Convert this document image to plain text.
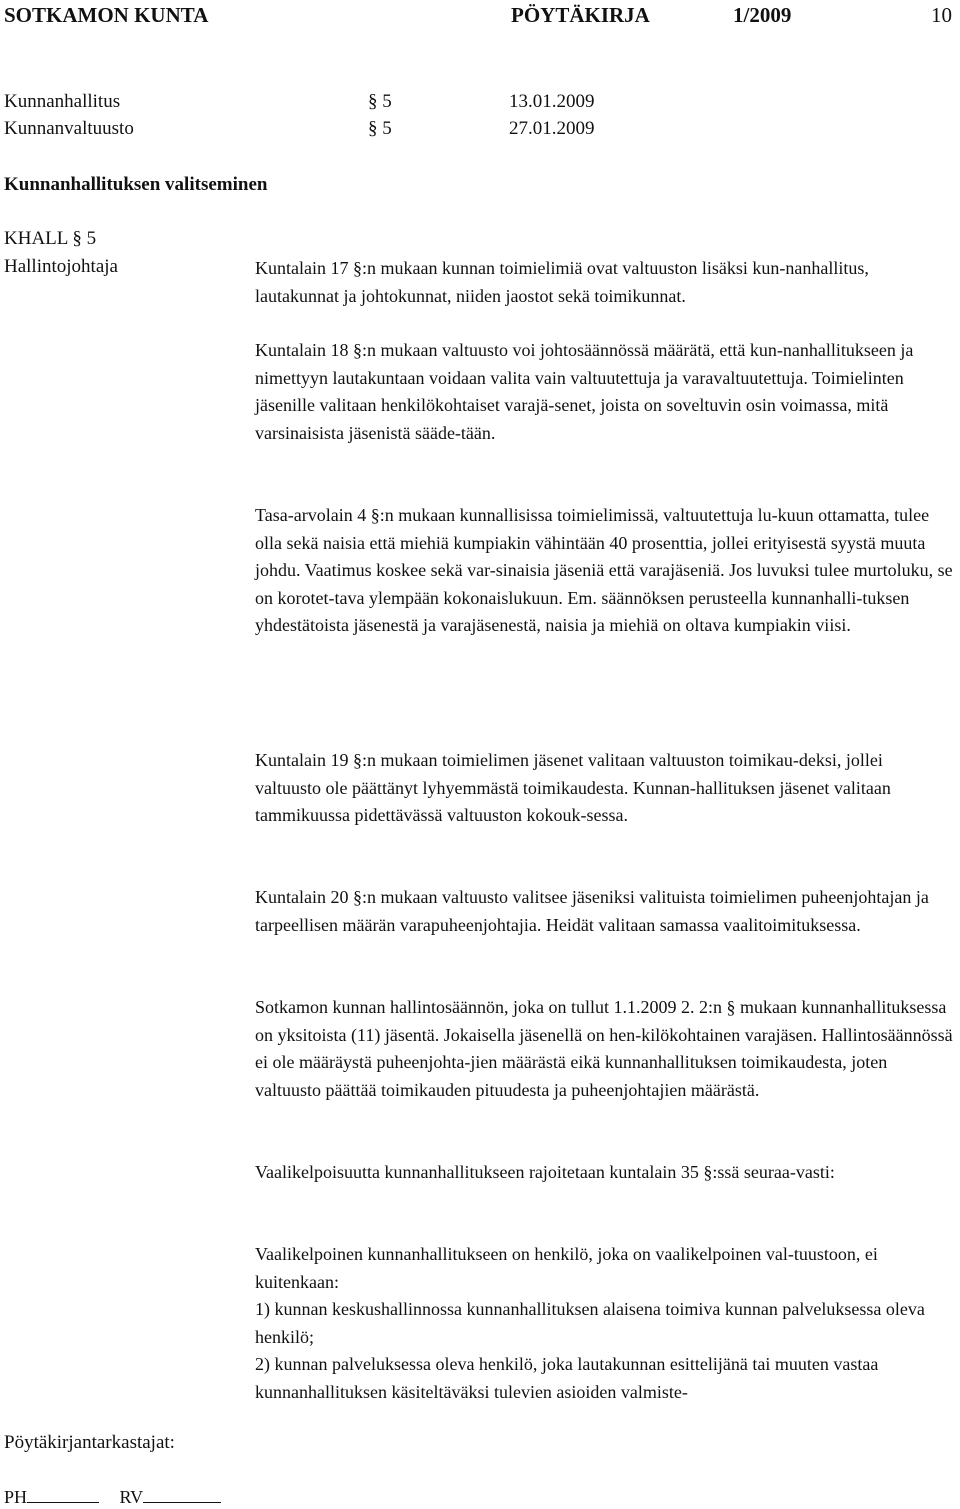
SOTKAMON KUNTA	PÖYTÄKIRJA	1/2009	10
Kunnanhallitus	§ 5	13.01.2009
Kunnanvaltuusto	§ 5	27.01.2009
Kunnanhallituksen valitseminen
KHALL § 5
Hallintojohtaja	Kuntalain 17 §:n mukaan kunnan toimielimiä ovat valtuuston lisäksi kun-nanhallitus, lautakunnat ja johtokunnat, niiden jaostot sekä toimikunnat.

Kuntalain 18 §:n mukaan valtuusto voi johtosäännössä määrätä, että kun-nanhallitukseen ja nimettyyn lautakuntaan voidaan valita vain valtuutettuja ja varavaltuutettuja. Toimielinten jäsenille valitaan henkilökohtaiset varajä-senet, joista on soveltuvin osin voimassa, mitä varsinaisista jäsenistä sääde-tään.

Tasa-arvolain 4 §:n mukaan kunnallisissa toimielimissä, valtuutettuja lu-kuun ottamatta, tulee olla sekä naisia että miehiä kumpiakin vähintään 40 prosenttia, jollei erityisestä syystä muuta johdu. Vaatimus koskee sekä var-sinaisia jäseniä että varajäseniä. Jos luvuksi tulee murtoluku, se on korotet-tava ylempään kokonaislukuun. Em. säännöksen perusteella kunnanhalli-tuksen yhdestätoista jäsenestä ja varajäsenestä, naisia ja miehiä on oltava kumpiakin viisi.

Kuntalain 19 §:n mukaan toimielimen jäsenet valitaan valtuuston toimikau-deksi, jollei valtuusto ole päättänyt lyhyemmästä toimikaudesta. Kunnan-hallituksen jäsenet valitaan tammikuussa pidettävässä valtuuston kokouk-sessa.

Kuntalain 20 §:n mukaan valtuusto valitsee jäseniksi valituista toimielimen puheenjohtajan ja tarpeellisen määrän varapuheenjohtajia. Heidät valitaan samassa vaalitoimituksessa.

Sotkamon kunnan hallintosäännön, joka on tullut 1.1.2009 2. 2:n § mukaan kunnanhallituksessa on yksitoista (11) jäsentä. Jokaisella jäsenellä on hen-kilökohtainen varajäsen. Hallintosäännössä ei ole määräystä puheenjohta-jien määrästä eikä kunnanhallituksen toimikaudesta, joten valtuusto päättää toimikauden pituudesta ja puheenjohtajien määrästä.

Vaalikelpoisuutta kunnanhallitukseen rajoitetaan kuntalain 35 §:ssä seuraa-vasti:

Vaalikelpoinen kunnanhallitukseen on henkilö, joka on vaalikelpoinen val-tuustoon, ei kuitenkaan:

1) kunnan keskushallinnossa kunnanhallituksen alaisena toimiva kunnan palveluksessa oleva henkilö;

2) kunnan palveluksessa oleva henkilö, joka lautakunnan esittelijänä tai muuten vastaa kunnanhallituksen käsiteltäväksi tulevien asioiden valmiste-

Pöytäkirjantarkastajat:
PH	RV
